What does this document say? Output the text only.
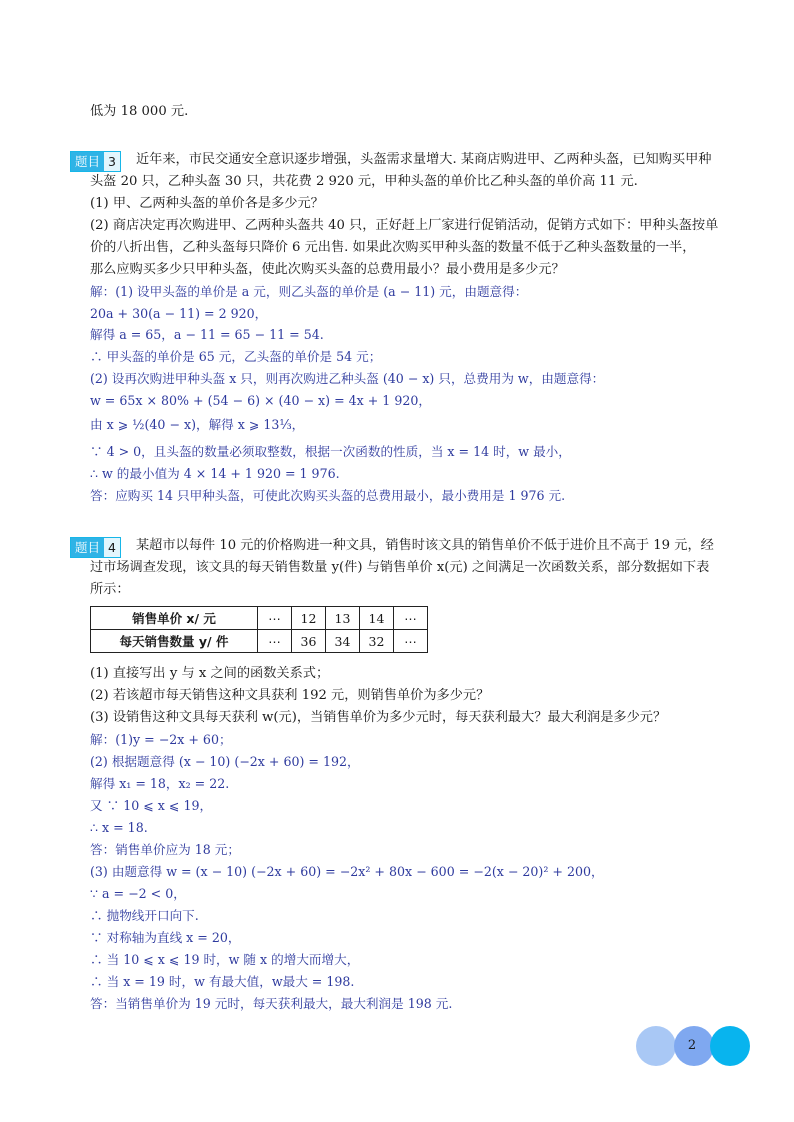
低为 18 000 元.
题目 3	近年来，市民交通安全意识逐步增强，头盔需求量增大. 某商店购进甲、乙两种头盔，已知购买甲种
头盔 20 只，乙种头盔 30 只，共花费 2 920 元，甲种头盔的单价比乙种头盔的单价高 11 元.
(1) 甲、乙两种头盔的单价各是多少元？
(2) 商店决定再次购进甲、乙两种头盔共 40 只，正好赶上厂家进行促销活动，促销方式如下：甲种头盔按单
价的八折出售，乙种头盔每只降价 6 元出售. 如果此次购买甲种头盔的数量不低于乙种头盔数量的一半，
那么应购买多少只甲种头盔，使此次购买头盔的总费用最小？最小费用是多少元？
解：(1) 设甲头盔的单价是 a 元，则乙头盔的单价是 (a − 11) 元，由题意得：
20a + 30(a − 11) = 2 920，
解得 a = 65，a − 11 = 65 − 11 = 54.
∴ 甲头盔的单价是 65 元，乙头盔的单价是 54 元；
(2) 设再次购进甲种头盔 x 只，则再次购进乙种头盔 (40 − x) 只，总费用为 w，由题意得：
w = 65x × 80% + (54 − 6) × (40 − x) = 4x + 1 920，
由 x ⩾ ½(40 − x)，解得 x ⩾ 13⅓，
∵ 4 > 0，且头盔的数量必须取整数，根据一次函数的性质，当 x = 14 时，w 最小，
∴ w 的最小值为 4 × 14 + 1 920 = 1 976.
答：应购买 14 只甲种头盔，可使此次购买头盔的总费用最小，最小费用是 1 976 元.
题目 4	某超市以每件 10 元的价格购进一种文具，销售时该文具的销售单价不低于进价且不高于 19 元，经
过市场调查发现，该文具的每天销售数量 y(件) 与销售单价 x(元) 之间满足一次函数关系，部分数据如下表
所示：
销售单价 x/ 元	⋯	12	13	14	⋯
每天销售数量 y/ 件	⋯	36	34	32	⋯
(1) 直接写出 y 与 x 之间的函数关系式；
(2) 若该超市每天销售这种文具获利 192 元，则销售单价为多少元？
(3) 设销售这种文具每天获利 w(元)，当销售单价为多少元时，每天获利最大？最大利润是多少元？
解：(1)y = −2x + 60；
(2) 根据题意得 (x − 10) (−2x + 60) = 192，
解得 x₁ = 18，x₂ = 22.
又 ∵ 10 ⩽ x ⩽ 19，
∴ x = 18.
答：销售单价应为 18 元；
(3) 由题意得 w = (x − 10) (−2x + 60) = −2x² + 80x − 600 = −2(x − 20)² + 200，
∵ a = −2 < 0，
∴ 抛物线开口向下.
∵ 对称轴为直线 x = 20，
∴ 当 10 ⩽ x ⩽ 19 时，w 随 x 的增大而增大，
∴ 当 x = 19 时，w 有最大值，w最大 = 198.
答：当销售单价为 19 元时，每天获利最大，最大利润是 198 元.
2
